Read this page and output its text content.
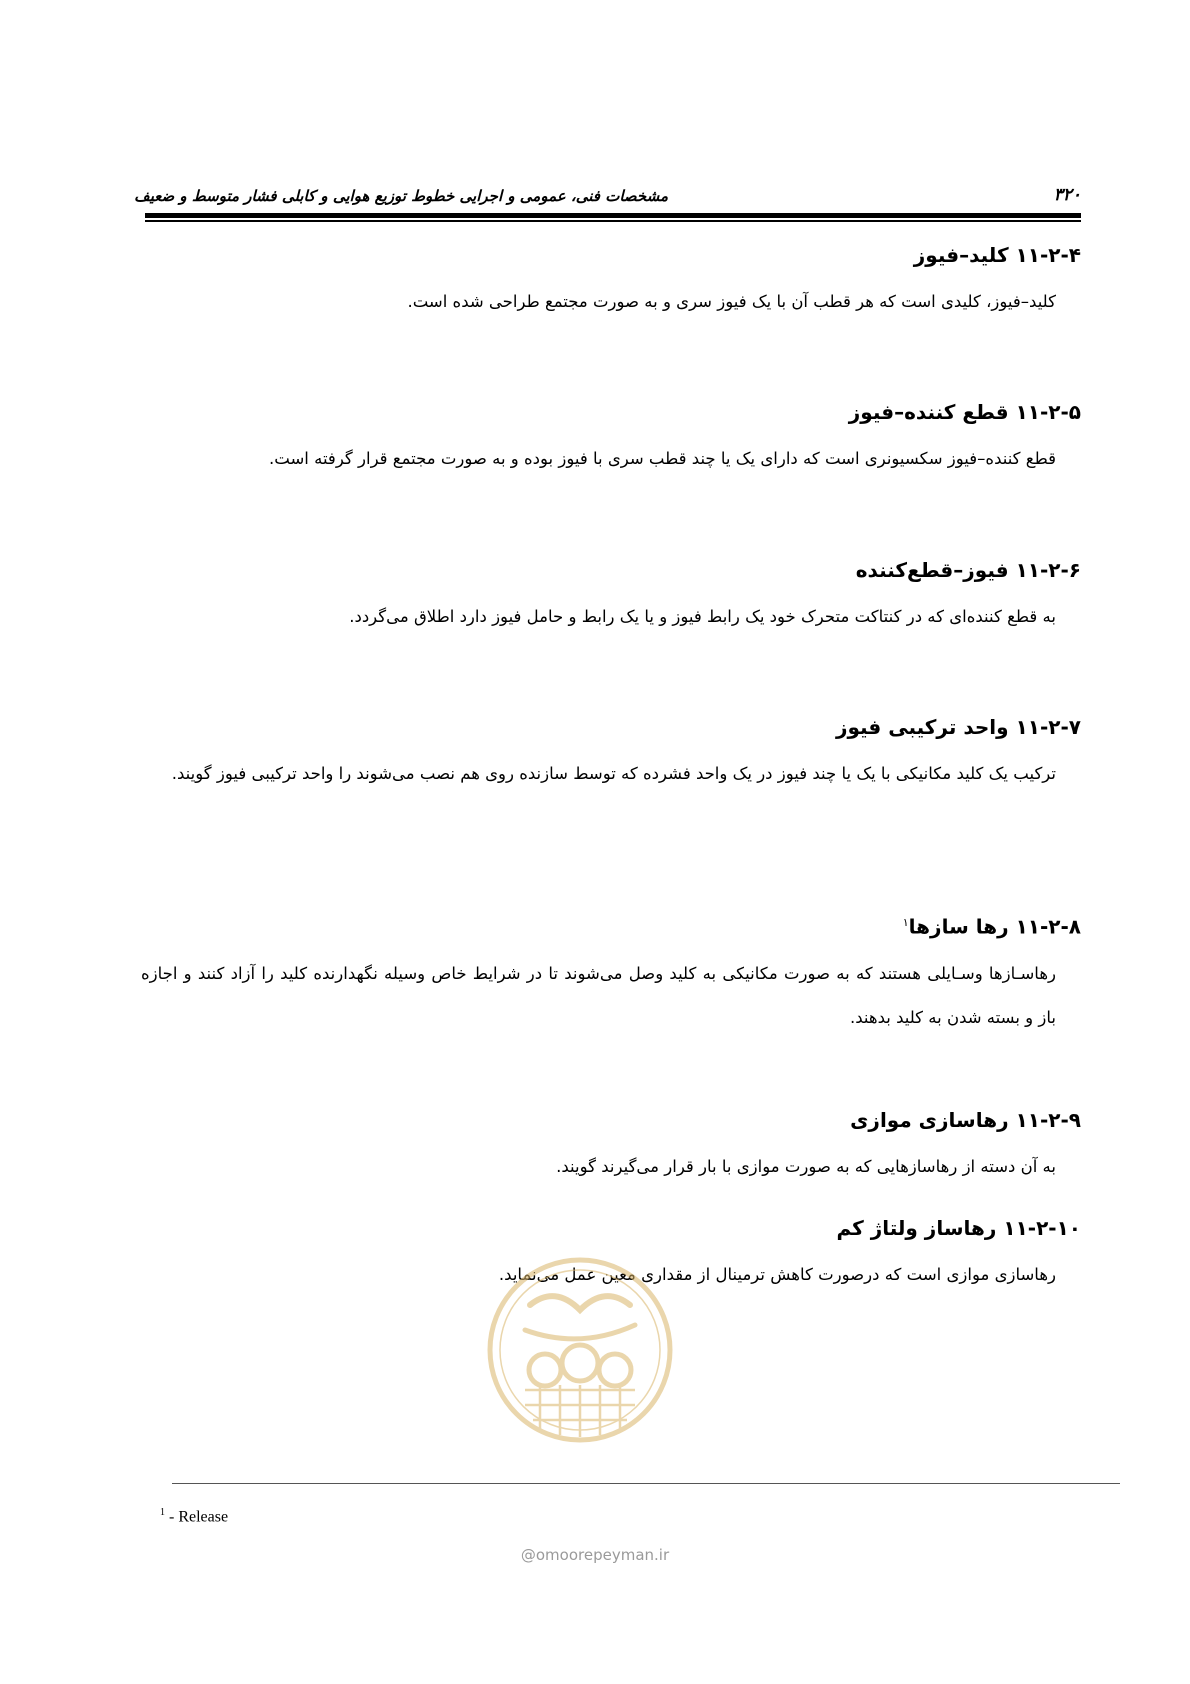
مشخصات فنی، عمومی و اجرایی خطوط توزیع هوایی و کابلی فشار متوسط و ضعیف	۳۲۰
۱۱-۲-۴ کلید–فیوز
کلید–فیوز، کلیدی است که هر قطب آن با یک فیوز سری و به صورت مجتمع طراحی شده است.
۱۱-۲-۵ قطع کننده–فیوز
قطع کننده–فیوز سکسیونری است که دارای یک یا چند قطب سری با فیوز بوده و به صورت مجتمع قرار گرفته است.
۱۱-۲-۶ فیوز–قطع‌کننده
به قطع کننده‌ای که در کنتاکت متحرک خود یک رابط فیوز و یا یک رابط و حامل فیوز دارد اطلاق می‌گردد.
۱۱-۲-۷ واحد ترکیبی فیوز
ترکیب یک کلید مکانیکی با یک یا چند فیوز در یک واحد فشرده که توسط سازنده روی هم نصب می‌شوند را واحد ترکیبی فیوز گویند.
۱۱-۲-۸ رها سازها$^۱$
رهاسـازها وسـایلی هستند که به صورت مکانیکی به کلید وصل می‌شوند تا در شرایط خاص وسیله نگهدارنده کلید را آزاد کنند و اجازه باز و بسته شدن به کلید بدهند.
۱۱-۲-۹ رهاسازی موازی
به آن دسته از رهاسازهایی که به صورت موازی با بار قرار می‌گیرند گویند.
۱۱-۲-۱۰ رهاساز ولتاژ کم
رهاسازی موازی است که درصورت کاهش ترمینال از مقداری معین عمل می‌نماید.
@omoorepeyman.ir
$^1$ - Release
